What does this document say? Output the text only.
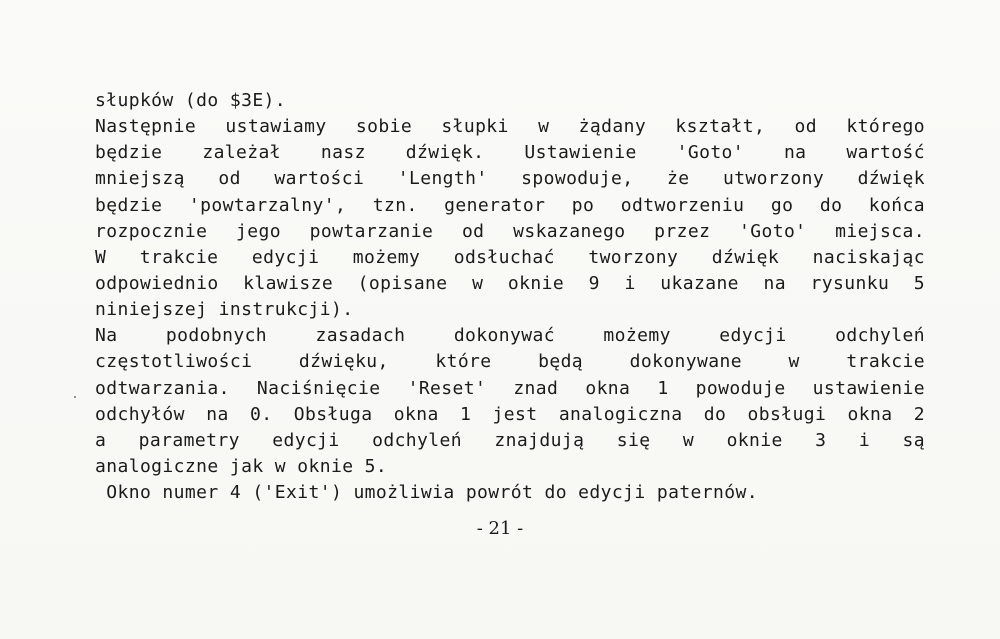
słupków (do $3E).
Następnie ustawiamy sobie słupki w żądany kształt, od którego
będzie zależał nasz dźwięk. Ustawienie 'Goto' na wartość
mniejszą od wartości 'Length' spowoduje, że utworzony dźwięk
będzie 'powtarzalny', tzn. generator po odtworzeniu go do końca
rozpocznie jego powtarzanie od wskazanego przez 'Goto' miejsca.
W trakcie edycji możemy odsłuchać tworzony dźwięk naciskając
odpowiednio klawisze (opisane w oknie 9 i ukazane na rysunku 5
niniejszej instrukcji).
Na podobnych zasadach dokonywać możemy edycji odchyleń
częstotliwości dźwięku, które będą dokonywane w trakcie
odtwarzania. Naciśnięcie 'Reset' znad okna 1 powoduje ustawienie
odchyłów na 0. Obsługa okna 1 jest analogiczna do obsługi okna 2
a parametry edycji odchyleń znajdują się w oknie 3 i są
analogiczne jak w oknie 5.
Okno numer 4 ('Exit') umożliwia powrót do edycji paternów.
- 21 -
